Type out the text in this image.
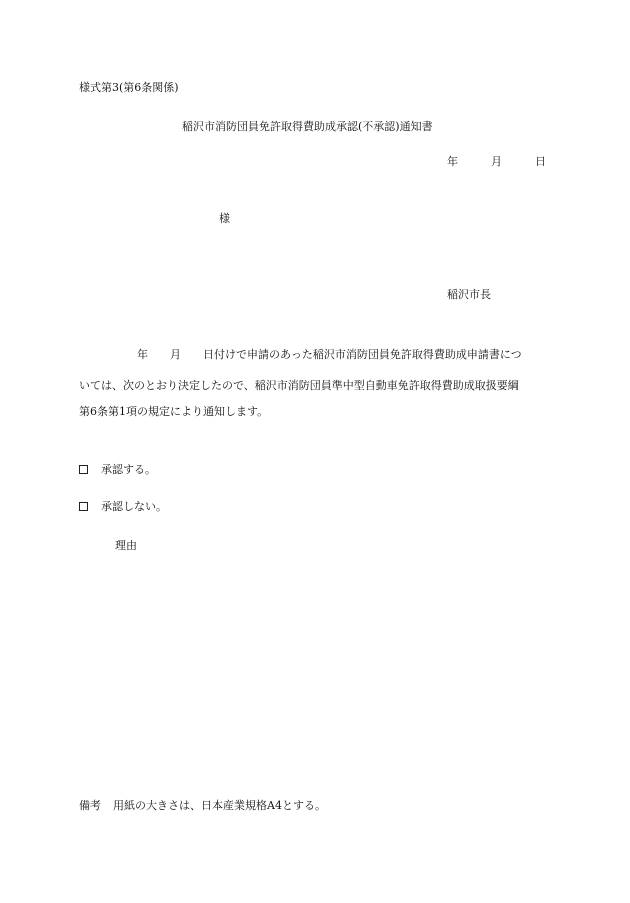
様式第3(第6条関係)
稲沢市消防団員免許取得費助成承認(不承認)通知書
年	月	日
様
稲沢市長
年 月 日付けで申請のあった稲沢市消防団員免許取得費助成申請書につ
いては、次のとおり決定したので、稲沢市消防団員準中型自動車免許取得費助成取扱要綱
第6条第1項の規定により通知します。
承認する。
承認しない。
理由
備考 用紙の大きさは、日本産業規格A4とする。
